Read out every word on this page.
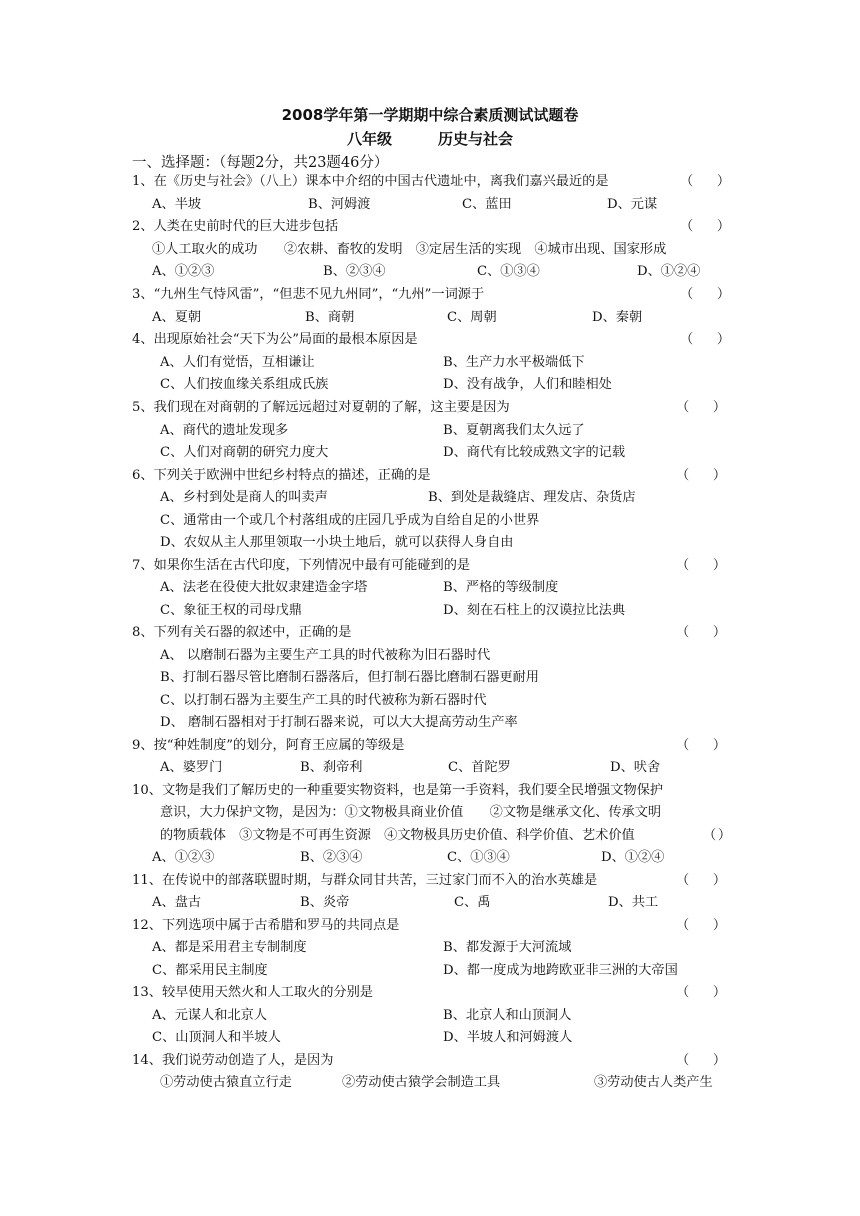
2008学年第一学期期中综合素质测试试题卷
八年级	历史与社会
一、选择题：（每题2分，共23题46分）
1、在《历史与社会》（八上）课本中介绍的中国古代遗址中，离我们嘉兴最近的是	（ ）
A、半坡	B、河姆渡	C、蓝田	D、元谋
2、人类在史前时代的巨大进步包括	（ ）
①人工取火的成功　　②农耕、畜牧的发明　③定居生活的实现　④城市出现、国家形成
A、①②③	B、②③④	C、①③④	D、①②④
3、“九州生气恃风雷”，“但悲不见九州同”，“九州”一词源于	（ ）
A、夏朝	B、商朝	C、周朝	D、秦朝
4、出现原始社会“天下为公”局面的最根本原因是	（ ）
A、人们有觉悟，互相谦让	B、生产力水平极端低下
C、人们按血缘关系组成氏族	D、没有战争，人们和睦相处
5、我们现在对商朝的了解远远超过对夏朝的了解，这主要是因为	（ ）
A、商代的遗址发现多	B、夏朝离我们太久远了
C、人们对商朝的研究力度大	D、商代有比较成熟文字的记载
6、下列关于欧洲中世纪乡村特点的描述，正确的是	（ ）
A、乡村到处是商人的叫卖声	B、到处是裁缝店、理发店、杂货店
C、通常由一个或几个村落组成的庄园几乎成为自给自足的小世界
D、农奴从主人那里领取一小块土地后，就可以获得人身自由
7、如果你生活在古代印度，下列情况中最有可能碰到的是	（ ）
A、法老在役使大批奴隶建造金字塔	B、严格的等级制度
C、象征王权的司母戊鼎	D、刻在石柱上的汉谟拉比法典
8、下列有关石器的叙述中，正确的是	（ ）
A、 以磨制石器为主要生产工具的时代被称为旧石器时代
B、打制石器尽管比磨制石器落后，但打制石器比磨制石器更耐用
C、以打制石器为主要生产工具的时代被称为新石器时代
D、 磨制石器相对于打制石器来说，可以大大提高劳动生产率
9、按“种姓制度”的划分，阿育王应属的等级是	（ ）
A、婆罗门	B、刹帝利	C、首陀罗	D、吠舍
10、文物是我们了解历史的一种重要实物资料，也是第一手资料，我们要全民增强文物保护
意识，大力保护文物，是因为：①文物极具商业价值　　②文物是继承文化、传承文明
的物质载体　③文物是不可再生资源　④文物极具历史价值、科学价值、艺术价值	（ ）
A、①②③	B、②③④	C、①③④	D、①②④
11、在传说中的部落联盟时期，与群众同甘共苦，三过家门而不入的治水英雄是	（ ）
A、盘古	B、炎帝	C、禹	D、共工
12、下列选项中属于古希腊和罗马的共同点是	（ ）
A、都是采用君主专制制度	B、都发源于大河流域
C、都采用民主制度	D、都一度成为地跨欧亚非三洲的大帝国
13、较早使用天然火和人工取火的分别是	（ ）
A、元谋人和北京人	B、北京人和山顶洞人
C、山顶洞人和半坡人	D、半坡人和河姆渡人
14、我们说劳动创造了人，是因为	（ ）
①劳动使古猿直立行走	②劳动使古猿学会制造工具	③劳动使古人类产生
